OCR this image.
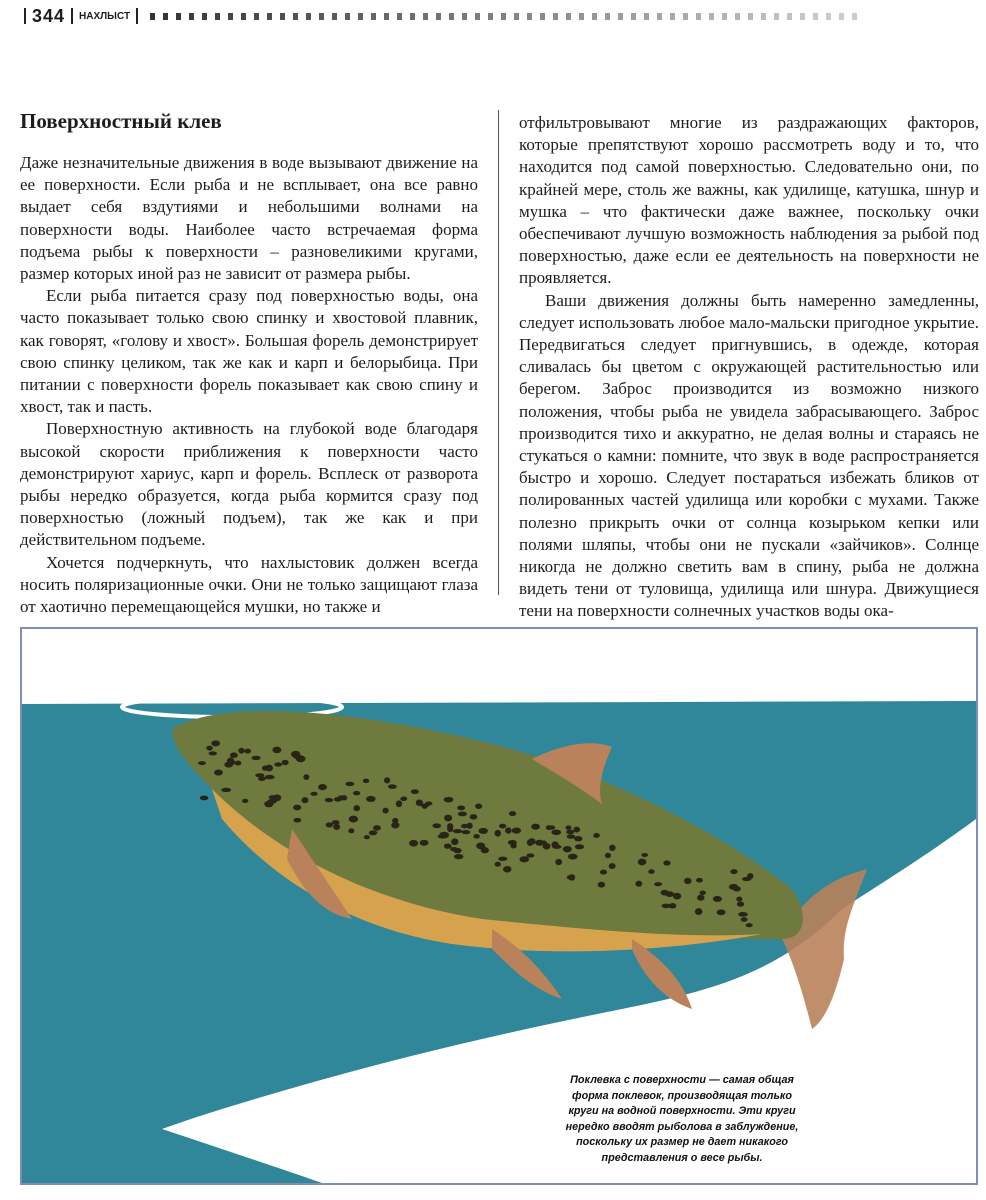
344 НАХЛЫСТ
Поверхностный клев

Даже незначительные движения в воде вызывают движение на ее поверхности. Если рыба и не всплывает, она все равно выдает себя вздутиями и небольшими волнами на поверхности воды. Наиболее часто встречаемая форма подъема рыбы к поверхности – разновеликими кругами, размер которых иной раз не зависит от размера рыбы.

Если рыба питается сразу под поверхностью воды, она часто показывает только свою спинку и хвостовой плавник, как говорят, «голову и хвост». Большая форель демонстрирует свою спинку целиком, так же как и карп и белорыбица. При питании с поверхности форель показывает как свою спину и хвост, так и пасть.

Поверхностную активность на глубокой воде благодаря высокой скорости приближения к поверхности часто демонстрируют хариус, карп и форель. Всплеск от разворота рыбы нередко образуется, когда рыба кормится сразу под поверхностью (ложный подъем), так же как и при действительном подъеме.

Хочется подчеркнуть, что нахлыстовик должен всегда носить поляризационные очки. Они не только защищают глаза от хаотично перемещающейся мушки, но также и

отфильтровывают многие из раздражающих факторов, которые препятствуют хорошо рассмотреть воду и то, что находится под самой поверхностью. Следовательно они, по крайней мере, столь же важны, как удилище, катушка, шнур и мушка – что фактически даже важнее, поскольку очки обеспечивают лучшую возможность наблюдения за рыбой под поверхностью, даже если ее деятельность на поверхности не проявляется.

Ваши движения должны быть намеренно замедленны, следует использовать любое мало-мальски пригодное укрытие. Передвигаться следует пригнувшись, в одежде, которая сливалась бы цветом с окружающей растительностью или берегом. Заброс производится из возможно низкого положения, чтобы рыба не увидела забрасывающего. Заброс производится тихо и аккуратно, не делая волны и стараясь не стукаться о камни: помните, что звук в воде распространяется быстро и хорошо. Следует постараться избежать бликов от полированных частей удилища или коробки с мухами. Также полезно прикрыть очки от солнца козырьком кепки или полями шляпы, чтобы они не пускали «зайчиков». Солнце никогда не должно светить вам в спину, рыба не должна видеть тени от туловища, удилища или шнура. Движущиеся тени на поверхности солнечных участков воды ока-

Поклевка с поверхности — самая общая форма поклевок, производящая только круги на водной поверхности. Эти круги нередко вводят рыболова в заблуждение, поскольку их размер не дает никакого представления о весе рыбы.
